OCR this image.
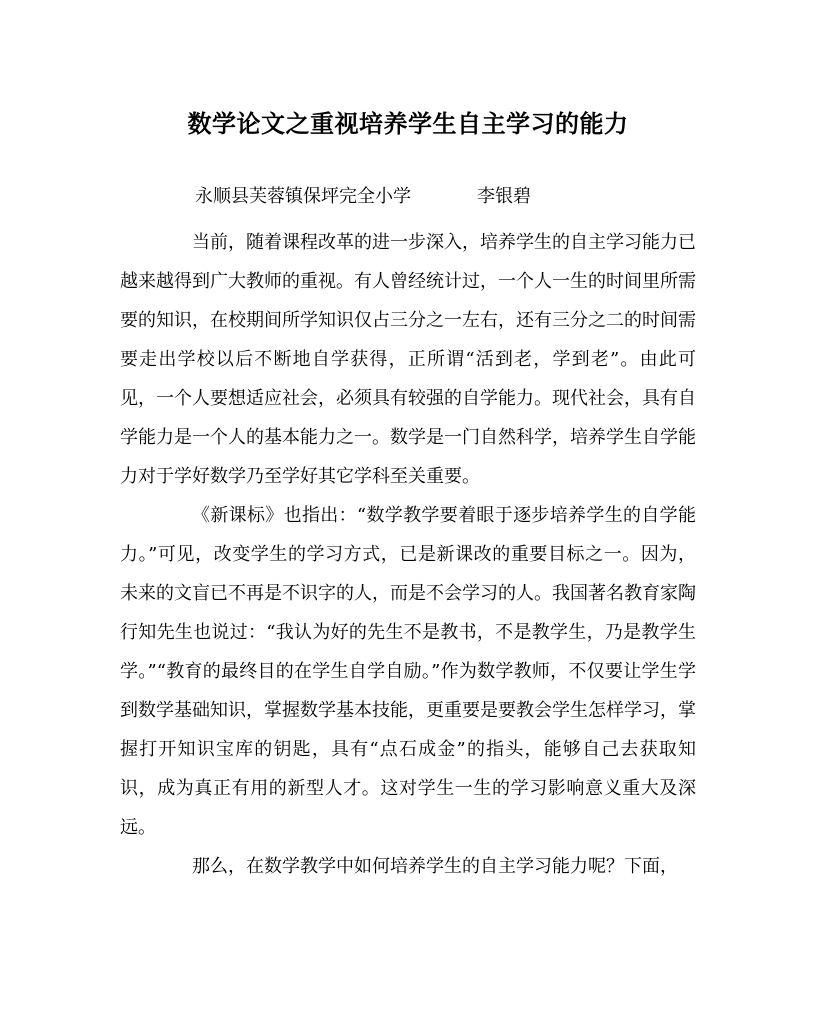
数学论文之重视培养学生自主学习的能力
永顺县芙蓉镇保坪完全小学	李银碧

当前，随着课程改革的进一步深入，培养学生的自主学习能力已越来越得到广大教师的重视。有人曾经统计过，一个人一生的时间里所需要的知识，在校期间所学知识仅占三分之一左右，还有三分之二的时间需要走出学校以后不断地自学获得，正所谓“活到老，学到老”。由此可见，一个人要想适应社会，必须具有较强的自学能力。现代社会，具有自学能力是一个人的基本能力之一。数学是一门自然科学，培养学生自学能力对于学好数学乃至学好其它学科至关重要。

《新课标》也指出：“数学教学要着眼于逐步培养学生的自学能力。”可见，改变学生的学习方式，已是新课改的重要目标之一。因为，未来的文盲已不再是不识字的人，而是不会学习的人。我国著名教育家陶行知先生也说过：“我认为好的先生不是教书，不是教学生，乃是教学生学。”“教育的最终目的在学生自学自励。”作为数学教师，不仅要让学生学到数学基础知识，掌握数学基本技能，更重要是要教会学生怎样学习，掌握打开知识宝库的钥匙，具有“点石成金”的指头，能够自己去获取知识，成为真正有用的新型人才。这对学生一生的学习影响意义重大及深远。

那么，在数学教学中如何培养学生的自主学习能力呢？下面，
